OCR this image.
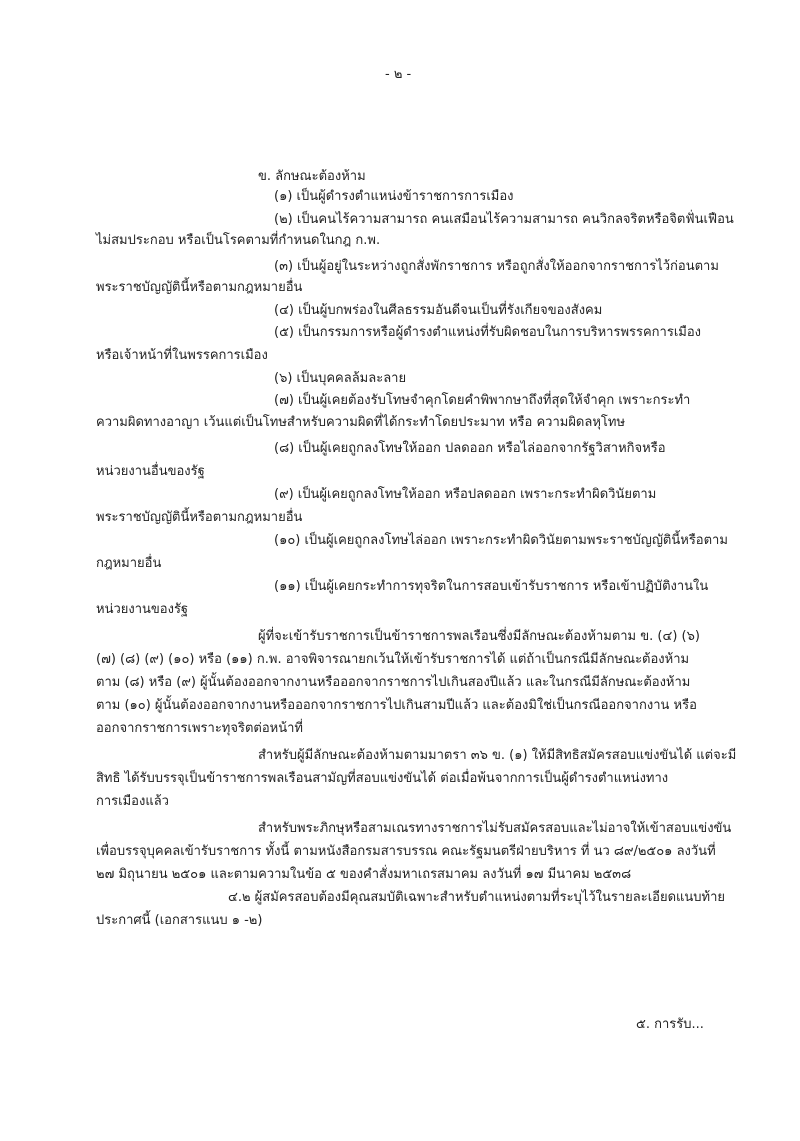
- ๒ -
ข. ลักษณะต้องห้าม
(๑) เป็นผู้ดำรงตำแหน่งข้าราชการการเมือง
(๒) เป็นคนไร้ความสามารถ คนเสมือนไร้ความสามารถ คนวิกลจริตหรือจิตฟั่นเฟือน
ไม่สมประกอบ หรือเป็นโรคตามที่กำหนดในกฎ ก.พ.
(๓) เป็นผู้อยู่ในระหว่างถูกสั่งพักราชการ หรือถูกสั่งให้ออกจากราชการไว้ก่อนตาม
พระราชบัญญัตินี้หรือตามกฎหมายอื่น
(๔) เป็นผู้บกพร่องในศีลธรรมอันดีจนเป็นที่รังเกียจของสังคม
(๕) เป็นกรรมการหรือผู้ดำรงตำแหน่งที่รับผิดชอบในการบริหารพรรคการเมือง
หรือเจ้าหน้าที่ในพรรคการเมือง
(๖) เป็นบุคคลล้มละลาย
(๗) เป็นผู้เคยต้องรับโทษจำคุกโดยคำพิพากษาถึงที่สุดให้จำคุก เพราะกระทำ
ความผิดทางอาญา เว้นแต่เป็นโทษสำหรับความผิดที่ได้กระทำโดยประมาท หรือ ความผิดลหุโทษ
(๘) เป็นผู้เคยถูกลงโทษให้ออก ปลดออก หรือไล่ออกจากรัฐวิสาหกิจหรือ
หน่วยงานอื่นของรัฐ
(๙) เป็นผู้เคยถูกลงโทษให้ออก หรือปลดออก เพราะกระทำผิดวินัยตาม
พระราชบัญญัตินี้หรือตามกฎหมายอื่น
(๑๐) เป็นผู้เคยถูกลงโทษไล่ออก เพราะกระทำผิดวินัยตามพระราชบัญญัตินี้หรือตาม
กฎหมายอื่น
(๑๑) เป็นผู้เคยกระทำการทุจริตในการสอบเข้ารับราชการ หรือเข้าปฏิบัติงานใน
หน่วยงานของรัฐ
ผู้ที่จะเข้ารับราชการเป็นข้าราชการพลเรือนซึ่งมีลักษณะต้องห้ามตาม ข. (๔) (๖)
(๗) (๘) (๙) (๑๐) หรือ (๑๑) ก.พ. อาจพิจารณายกเว้นให้เข้ารับราชการได้ แต่ถ้าเป็นกรณีมีลักษณะต้องห้าม
ตาม (๘) หรือ (๙) ผู้นั้นต้องออกจากงานหรือออกจากราชการไปเกินสองปีแล้ว และในกรณีมีลักษณะต้องห้าม
ตาม (๑๐) ผู้นั้นต้องออกจากงานหรือออกจากราชการไปเกินสามปีแล้ว และต้องมิใช่เป็นกรณีออกจากงาน หรือ
ออกจากราชการเพราะทุจริตต่อหน้าที่
สำหรับผู้มีลักษณะต้องห้ามตามมาตรา ๓๖ ข. (๑) ให้มีสิทธิสมัครสอบแข่งขันได้ แต่จะมี
สิทธิ ได้รับบรรจุเป็นข้าราชการพลเรือนสามัญที่สอบแข่งขันได้ ต่อเมื่อพ้นจากการเป็นผู้ดำรงตำแหน่งทาง
การเมืองแล้ว
สำหรับพระภิกษุหรือสามเณรทางราชการไม่รับสมัครสอบและไม่อาจให้เข้าสอบแข่งขัน
เพื่อบรรจุบุคคลเข้ารับราชการ ทั้งนี้ ตามหนังสือกรมสารบรรณ คณะรัฐมนตรีฝ่ายบริหาร ที่ นว ๘๙/๒๕๐๑ ลงวันที่
๒๗ มิถุนายน ๒๕๐๑ และตามความในข้อ ๕ ของคำสั่งมหาเถรสมาคม ลงวันที่ ๑๗ มีนาคม ๒๕๓๘
๔.๒ ผู้สมัครสอบต้องมีคุณสมบัติเฉพาะสำหรับตำแหน่งตามที่ระบุไว้ในรายละเอียดแนบท้าย
ประกาศนี้ (เอกสารแนบ ๑ -๒)
๕. การรับ...
